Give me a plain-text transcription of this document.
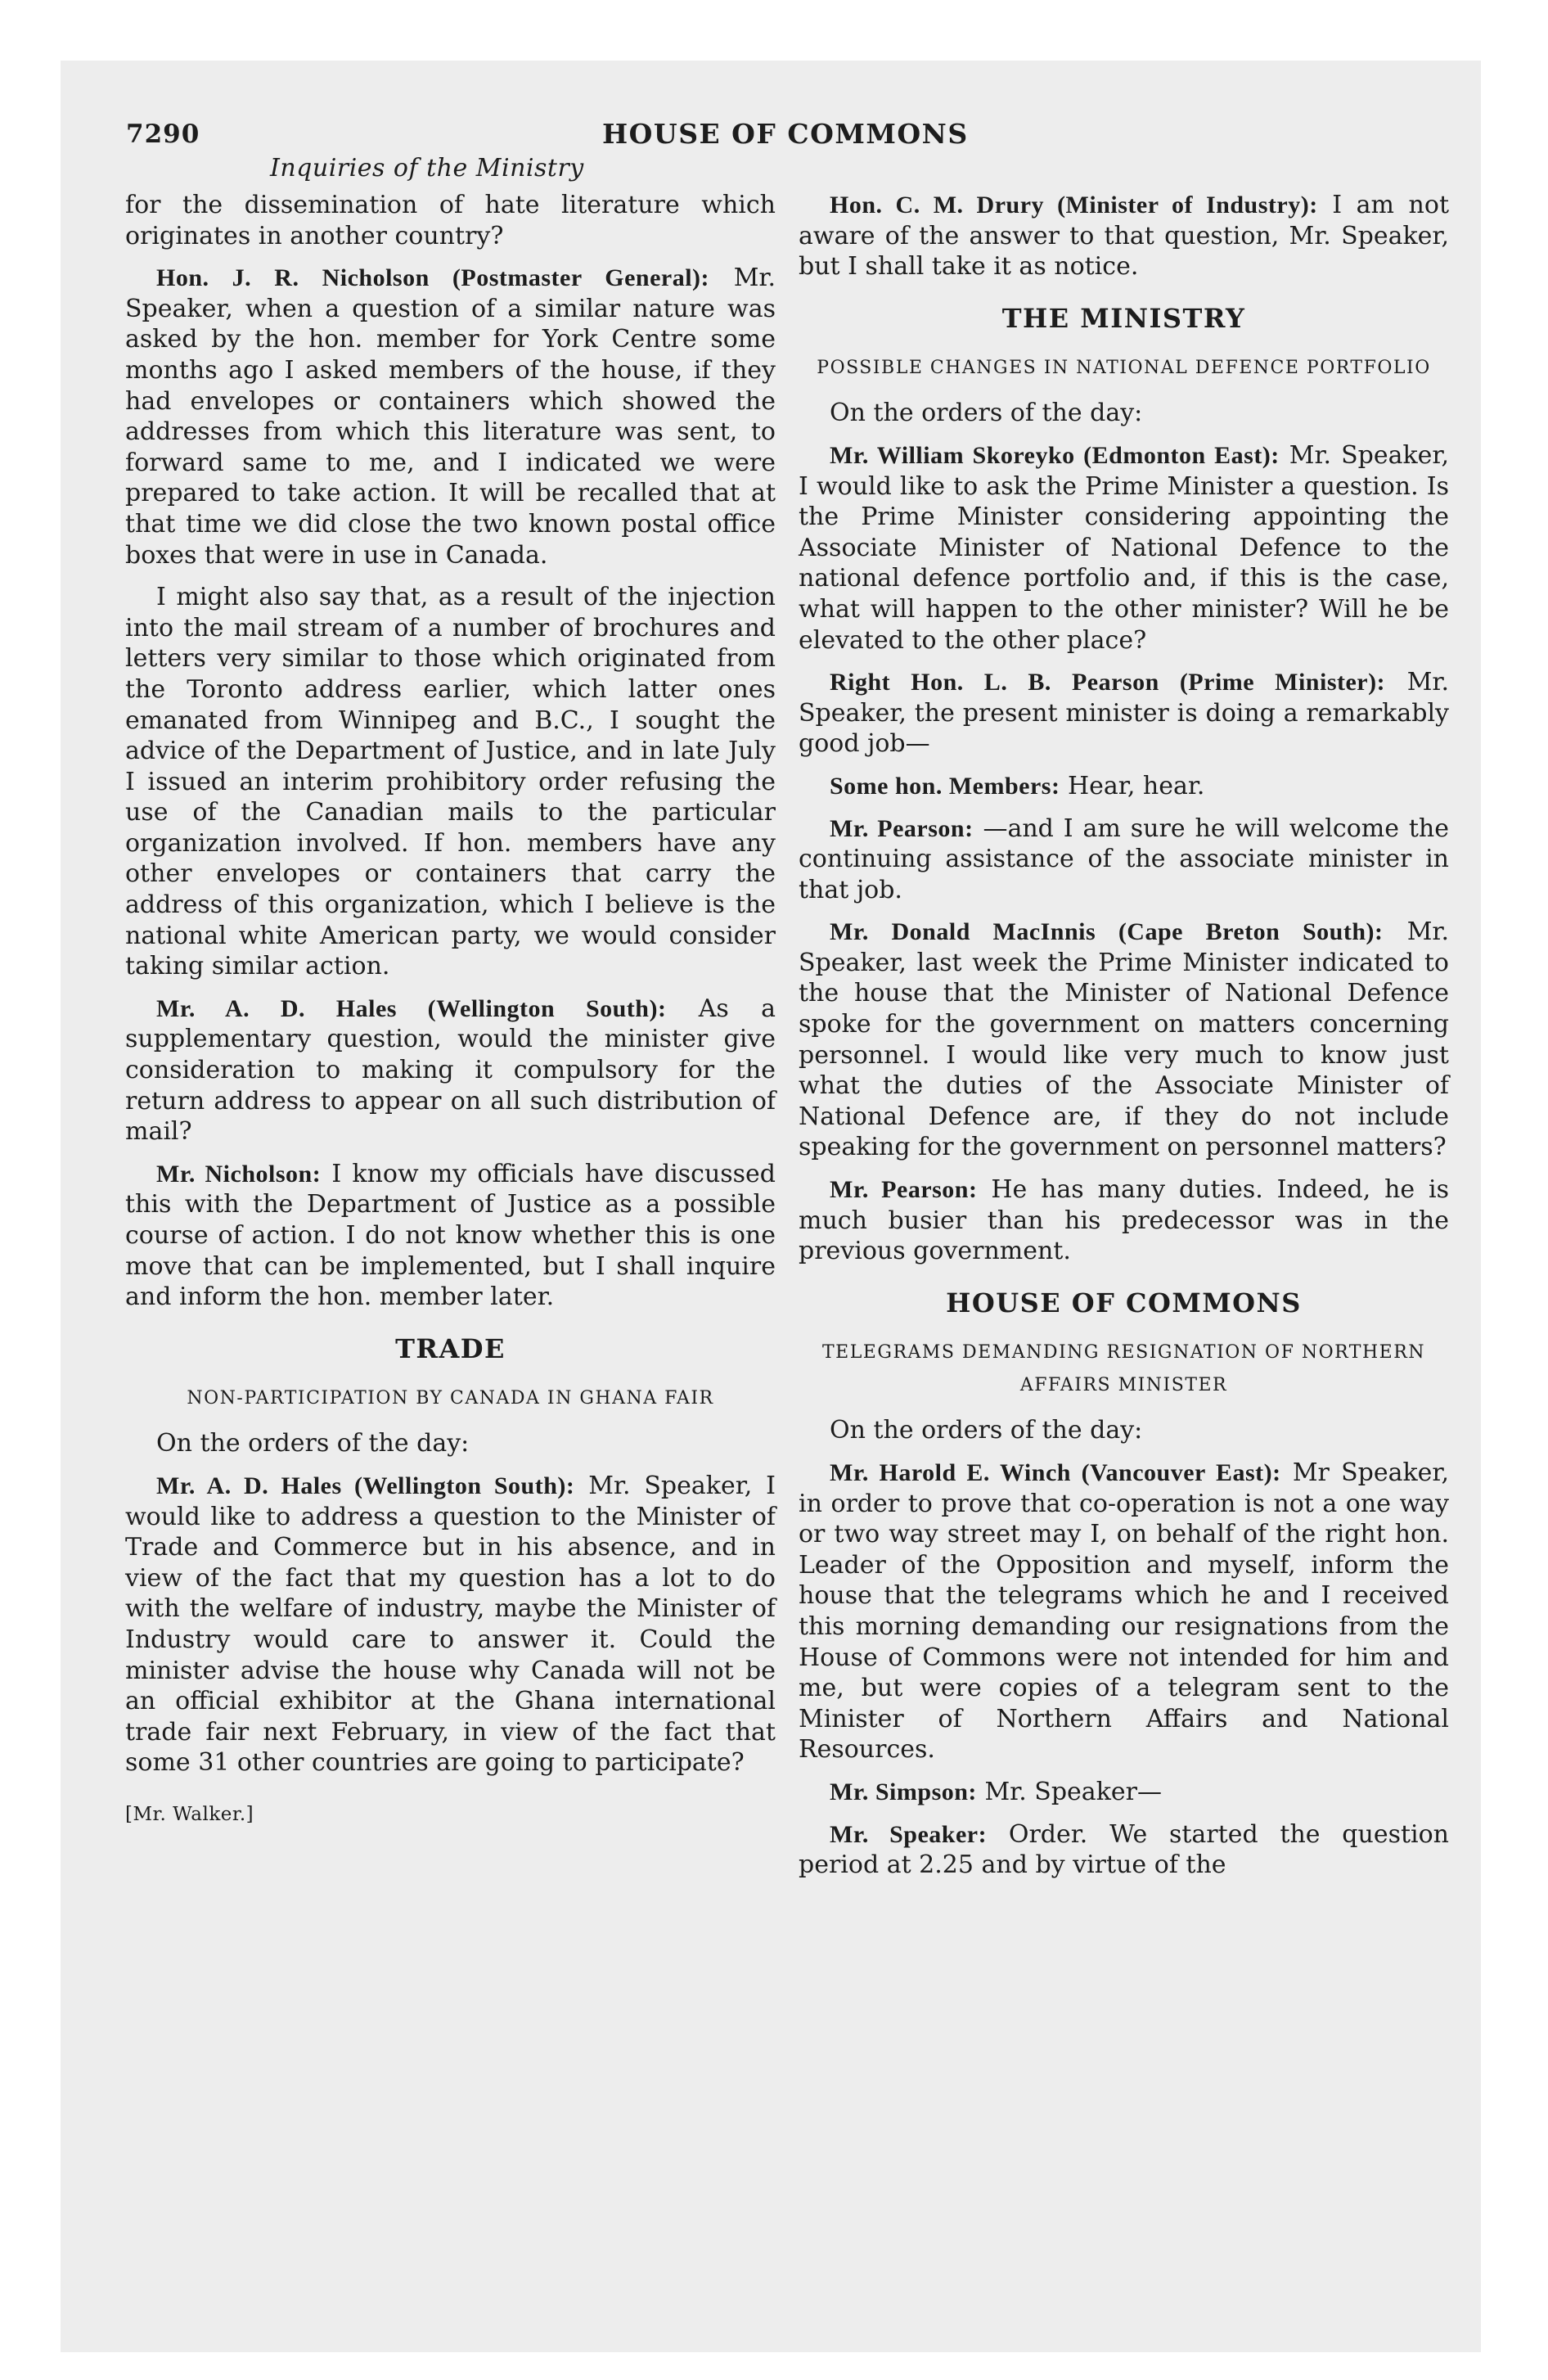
7290	HOUSE OF COMMONS
Inquiries of the Ministry

for the dissemination of hate literature which originates in another country?

Hon. J. R. Nicholson (Postmaster General): Mr. Speaker, when a question of a similar nature was asked by the hon. member for York Centre some months ago I asked members of the house, if they had envelopes or containers which showed the addresses from which this literature was sent, to forward same to me, and I indicated we were prepared to take action. It will be recalled that at that time we did close the two known postal office boxes that were in use in Canada.

I might also say that, as a result of the injection into the mail stream of a number of brochures and letters very similar to those which originated from the Toronto address earlier, which latter ones emanated from Winnipeg and B.C., I sought the advice of the Department of Justice, and in late July I issued an interim prohibitory order refusing the use of the Canadian mails to the particular organization involved. If hon. members have any other envelopes or containers that carry the address of this organization, which I believe is the national white American party, we would consider taking similar action.

Mr. A. D. Hales (Wellington South): As a supplementary question, would the minister give consideration to making it compulsory for the return address to appear on all such distribution of mail?

Mr. Nicholson: I know my officials have discussed this with the Department of Justice as a possible course of action. I do not know whether this is one move that can be implemented, but I shall inquire and inform the hon. member later.

TRADE
NON-PARTICIPATION BY CANADA IN GHANA FAIR

On the orders of the day:

Mr. A. D. Hales (Wellington South): Mr. Speaker, I would like to address a question to the Minister of Trade and Commerce but in his absence, and in view of the fact that my question has a lot to do with the welfare of industry, maybe the Minister of Industry would care to answer it. Could the minister advise the house why Canada will not be an official exhibitor at the Ghana international trade fair next February, in view of the fact that some 31 other countries are going to participate?

[Mr. Walker.]

Hon. C. M. Drury (Minister of Industry): I am not aware of the answer to that question, Mr. Speaker, but I shall take it as notice.

THE MINISTRY
POSSIBLE CHANGES IN NATIONAL DEFENCE PORTFOLIO

On the orders of the day:

Mr. William Skoreyko (Edmonton East): Mr. Speaker, I would like to ask the Prime Minister a question. Is the Prime Minister considering appointing the Associate Minister of National Defence to the national defence portfolio and, if this is the case, what will happen to the other minister? Will he be elevated to the other place?

Right Hon. L. B. Pearson (Prime Minister): Mr. Speaker, the present minister is doing a remarkably good job—

Some hon. Members: Hear, hear.

Mr. Pearson: —and I am sure he will welcome the continuing assistance of the associate minister in that job.

Mr. Donald MacInnis (Cape Breton South): Mr. Speaker, last week the Prime Minister indicated to the house that the Minister of National Defence spoke for the government on matters concerning personnel. I would like very much to know just what the duties of the Associate Minister of National Defence are, if they do not include speaking for the government on personnel matters?

Mr. Pearson: He has many duties. Indeed, he is much busier than his predecessor was in the previous government.

HOUSE OF COMMONS
TELEGRAMS DEMANDING RESIGNATION OF NORTHERN AFFAIRS MINISTER

On the orders of the day:

Mr. Harold E. Winch (Vancouver East): Mr Speaker, in order to prove that co-operation is not a one way or two way street may I, on behalf of the right hon. Leader of the Opposition and myself, inform the house that the telegrams which he and I received this morning demanding our resignations from the House of Commons were not intended for him and me, but were copies of a telegram sent to the Minister of Northern Affairs and National Resources.

Mr. Simpson: Mr. Speaker—

Mr. Speaker: Order. We started the question period at 2.25 and by virtue of the
